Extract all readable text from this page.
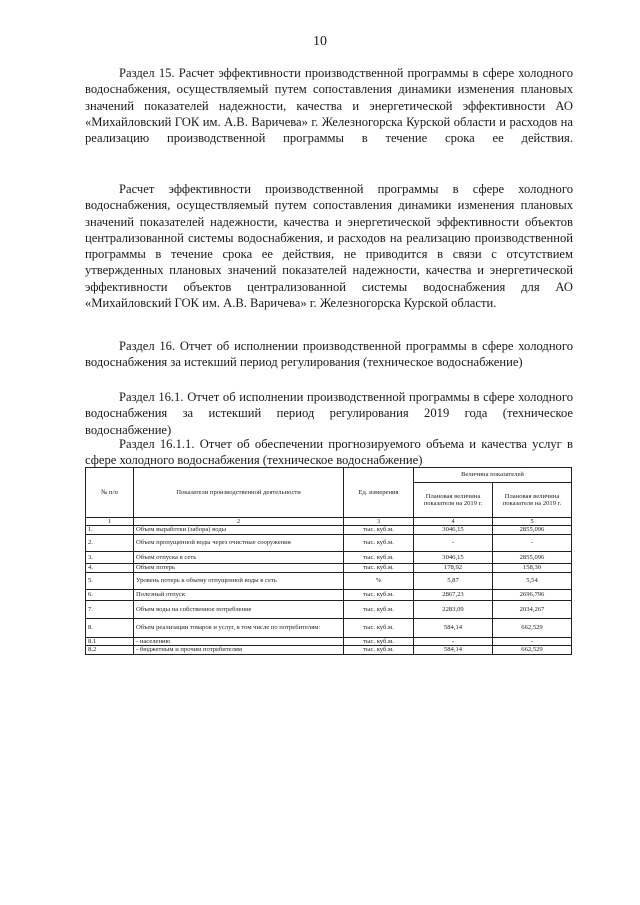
10

Раздел 15. Расчет эффективности производственной программы в сфере холодного водоснабжения, осуществляемый путем сопоставления динамики изменения плановых значений показателей надежности, качества и энергетической эффективности АО «Михайловский ГОК им. А.В. Варичева» г. Железногорска Курской области и расходов на реализацию производственной программы в течение срока ее действия.

Расчет эффективности производственной программы в сфере холодного водоснабжения, осуществляемый путем сопоставления динамики изменения плановых значений показателей надежности, качества и энергетической эффективности объектов централизованной системы водоснабжения, и расходов на реализацию производственной программы в течение срока ее действия, не приводится в связи с отсутствием утвержденных плановых значений показателей надежности, качества и энергетической эффективности объектов централизованной системы водоснабжения для АО «Михайловский ГОК им. А.В. Варичева» г. Железногорска Курской области.

Раздел 16. Отчет об исполнении производственной программы в сфере холодного водоснабжения за истекший период регулирования (техническое водоснабжение)

Раздел 16.1. Отчет об исполнении производственной программы в сфере холодного водоснабжения за истекший период регулирования 2019 года (техническое водоснабжение)

Раздел 16.1.1. Отчет об обеспечении прогнозируемого объема и качества услуг в сфере холодного водоснабжения (техническое водоснабжение)

№ п/п	Показатели производственной деятельности	Ед. измерения	Величина показателей	
			Плановая величина показателя на 2019 г.	Плановая величина показателя на 2019 г.
1	2	3	4	5
1.	Объем выработки (забора) воды	тыс. куб.м.	3046,15	2855,096
2.	Объем пропущенной воды через очистные сооружения	тыс. куб.м.	-	-
3.	Объем отпуска в сеть	тыс. куб.м.	3046,15	2855,096
4.	Объем потерь	тыс. куб.м.	178,92	158,30
5.	Уровень потерь к объему отпущенной воды в сеть	%	5,87	5,54
6.	Полезный отпуск	тыс. куб.м.	2867,23	2696,796
7.	Объем воды на собственное потребление	тыс. куб.м.	2283,09	2034,267
8.	Объем реализации товаров и услуг, в том числе по потребителям:	тыс. куб.м.	584,14	662,529
8.1	- населению	тыс. куб.м.	-	-
8.2	- бюджетным и прочим потребителям	тыс. куб.м.	584,14	662,529
